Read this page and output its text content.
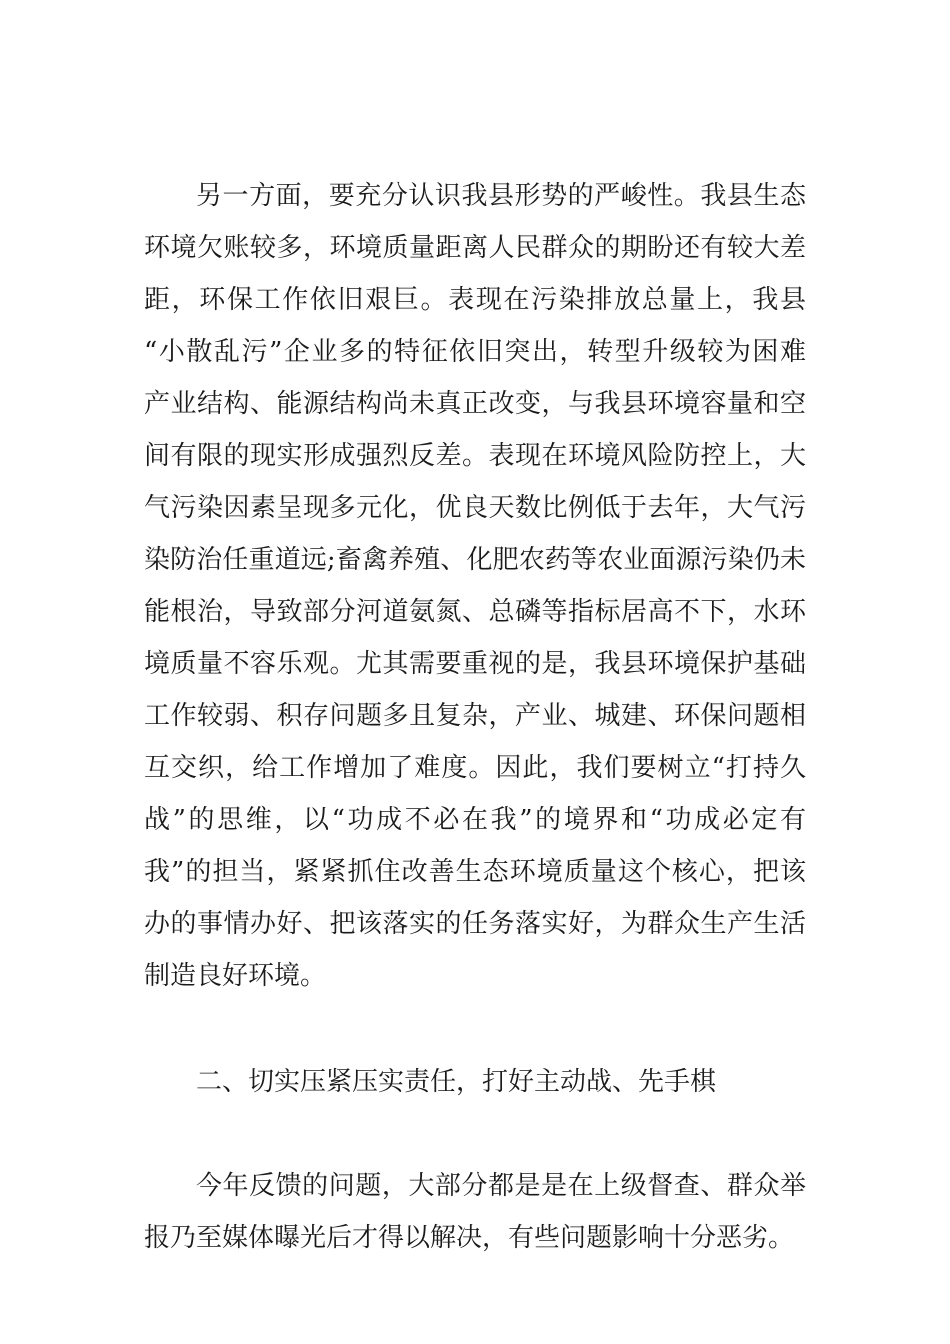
另一方面，要充分认识我县形势的严峻性。我县生态

环境欠账较多，环境质量距离人民群众的期盼还有较大差

距，环保工作依旧艰巨。表现在污染排放总量上，我县

“小散乱污”企业多的特征依旧突出，转型升级较为困难

产业结构、能源结构尚未真正改变，与我县环境容量和空

间有限的现实形成强烈反差。表现在环境风险防控上，大

气污染因素呈现多元化，优良天数比例低于去年，大气污

染防治任重道远;畜禽养殖、化肥农药等农业面源污染仍未

能根治，导致部分河道氨氮、总磷等指标居高不下，水环

境质量不容乐观。尤其需要重视的是，我县环境保护基础

工作较弱、积存问题多且复杂，产业、城建、环保问题相

互交织，给工作增加了难度。因此，我们要树立“打持久

战”的思维，以“功成不必在我”的境界和“功成必定有

我”的担当，紧紧抓住改善生态环境质量这个核心，把该

办的事情办好、把该落实的任务落实好，为群众生产生活

制造良好环境。

二、切实压紧压实责任，打好主动战、先手棋

今年反馈的问题，大部分都是是在上级督查、群众举

报乃至媒体曝光后才得以解决，有些问题影响十分恶劣。
